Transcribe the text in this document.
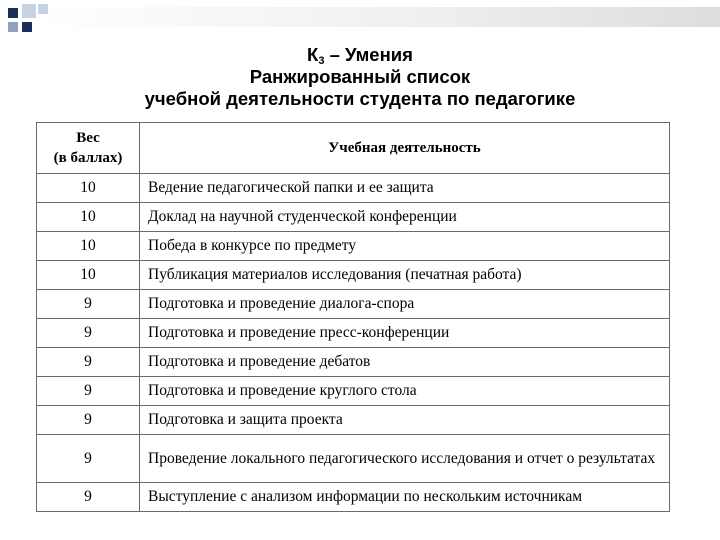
$К_3$ – Умения
Ранжированный список
учебной деятельности студента по педагогике
Вес
(в баллах)	Учебная деятельность
10	Ведение педагогической папки и ее защита
10	Доклад на научной студенческой конференции
10	Победа в конкурсе по предмету
10	Публикация материалов исследования (печатная работа)
9	Подготовка и проведение диалога-спора
9	Подготовка и проведение пресс-конференции
9	Подготовка и проведение дебатов
9	Подготовка и проведение круглого стола
9	Подготовка и защита проекта
9	Проведение локального педагогического исследования и отчет о результатах
9	Выступление с анализом информации по нескольким источникам
